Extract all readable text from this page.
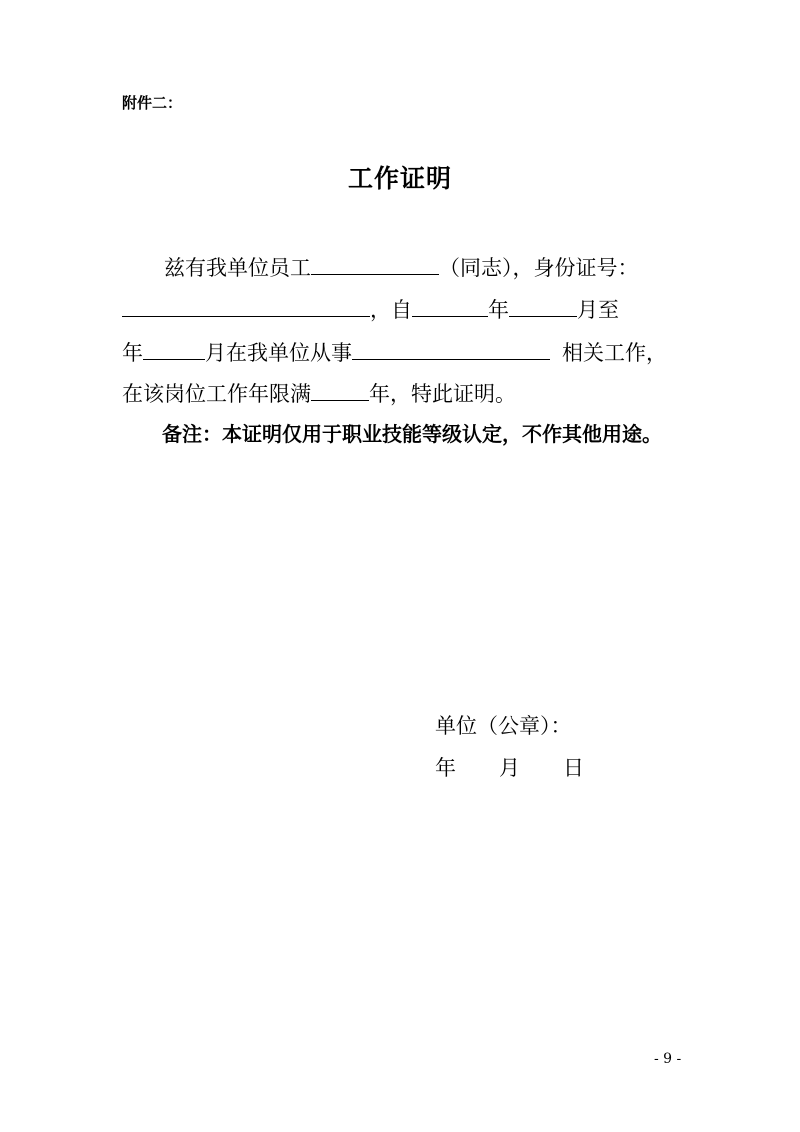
附件二：
工作证明
兹有我单位员工	（同志），身份证号：
，自	年	月至
年	月在我单位从事	相关工作，
在该岗位工作年限满	年，特此证明。
备注：本证明仅用于职业技能等级认定，不作其他用途。
单位（公章）：
年 月 日
- 9 -
